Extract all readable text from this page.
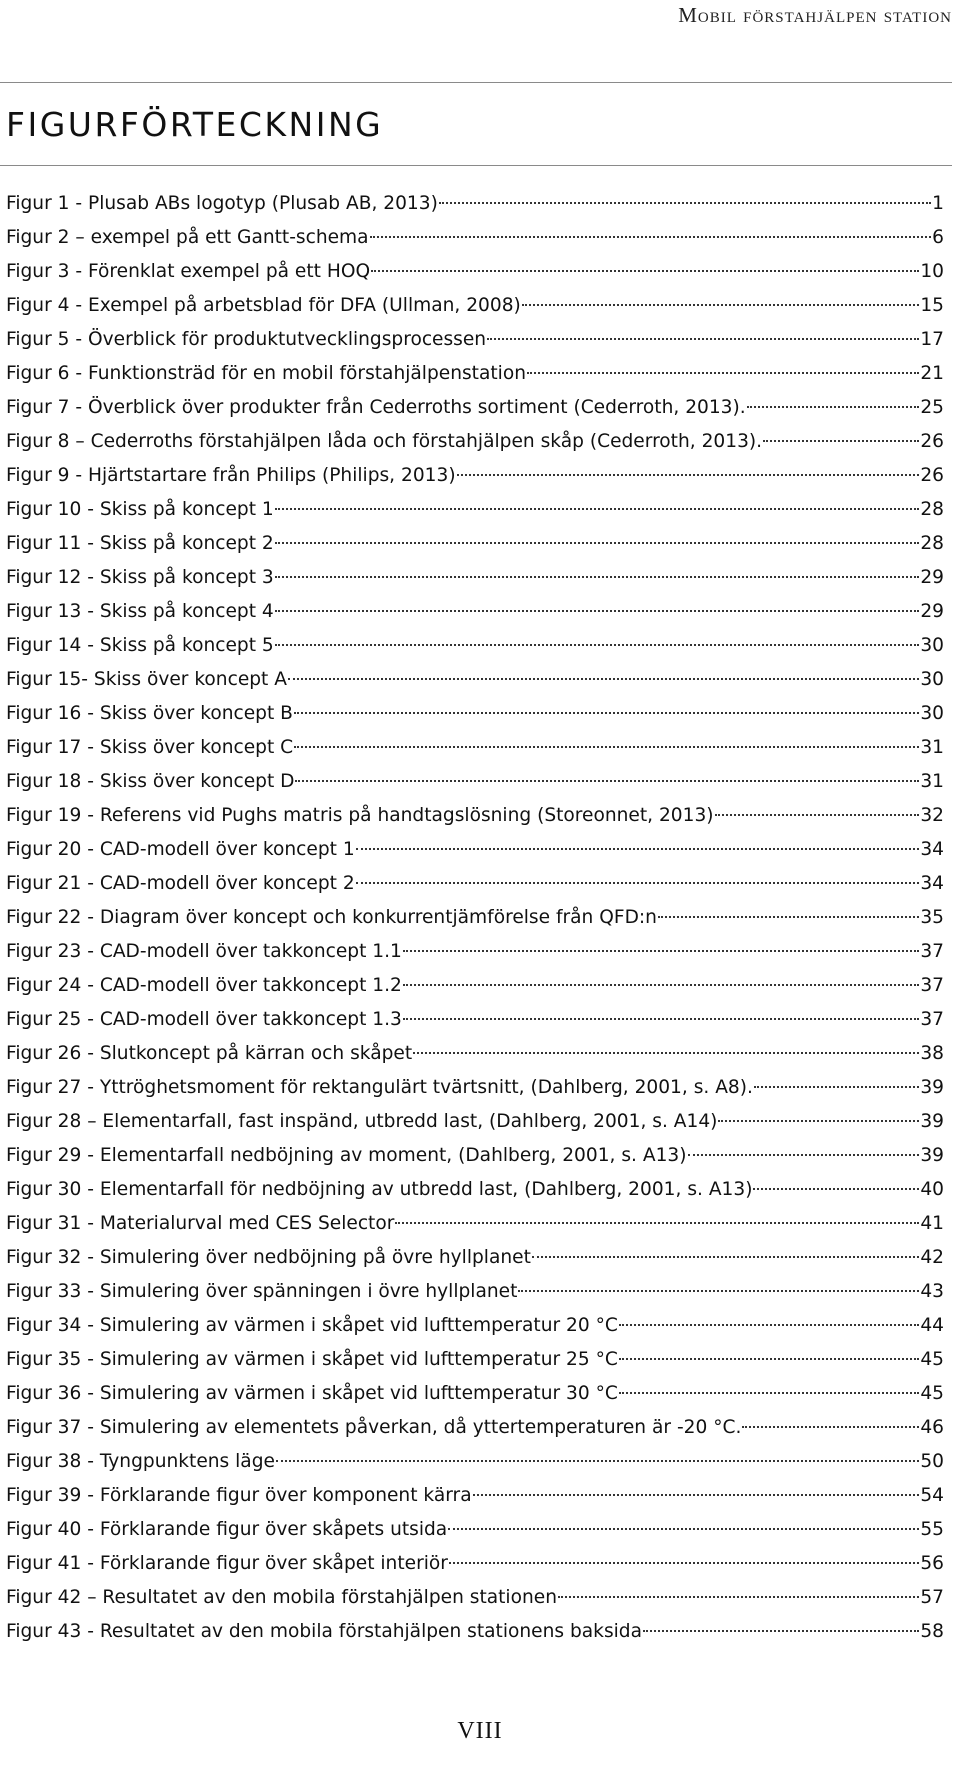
Mobil förstahjälpen station
FIGURFÖRTECKNING
Figur 1 - Plusab ABs logotyp (Plusab AB, 2013)	1
Figur 2 – exempel på ett Gantt-schema	6
Figur 3 - Förenklat exempel på ett HOQ	10
Figur 4 - Exempel på arbetsblad för DFA (Ullman, 2008)	15
Figur 5 - Överblick för produktutvecklingsprocessen	17
Figur 6 - Funktionsträd för en mobil förstahjälpenstation	21
Figur 7 - Överblick över produkter från Cederroths sortiment (Cederroth, 2013).	25
Figur 8 – Cederroths förstahjälpen låda och förstahjälpen skåp (Cederroth, 2013).	26
Figur 9 - Hjärtstartare från Philips (Philips, 2013)	26
Figur 10 - Skiss på koncept 1	28
Figur 11 - Skiss på koncept 2	28
Figur 12 - Skiss på koncept 3	29
Figur 13 - Skiss på koncept 4	29
Figur 14 - Skiss på koncept 5	30
Figur 15- Skiss över koncept A	30
Figur 16 - Skiss över koncept B	30
Figur 17 - Skiss över koncept C	31
Figur 18 - Skiss över koncept D	31
Figur 19 - Referens vid Pughs matris på handtagslösning (Storeonnet, 2013)	32
Figur 20 - CAD-modell över koncept 1	34
Figur 21 - CAD-modell över koncept 2	34
Figur 22 - Diagram över koncept och konkurrentjämförelse från QFD:n	35
Figur 23 - CAD-modell över takkoncept 1.1	37
Figur 24 - CAD-modell över takkoncept 1.2	37
Figur 25 - CAD-modell över takkoncept 1.3	37
Figur 26 - Slutkoncept på kärran och skåpet	38
Figur 27 - Yttröghetsmoment för rektangulärt tvärtsnitt, (Dahlberg, 2001, s. A8).	39
Figur 28 – Elementarfall, fast inspänd, utbredd last, (Dahlberg, 2001, s. A14)	39
Figur 29 - Elementarfall nedböjning av moment, (Dahlberg, 2001, s. A13)	39
Figur 30 - Elementarfall för nedböjning av utbredd last, (Dahlberg, 2001, s. A13)	40
Figur 31 - Materialurval med CES Selector	41
Figur 32 - Simulering över nedböjning på övre hyllplanet	42
Figur 33 - Simulering över spänningen i övre hyllplanet	43
Figur 34 - Simulering av värmen i skåpet vid lufttemperatur 20 °C	44
Figur 35 - Simulering av värmen i skåpet vid lufttemperatur 25 °C	45
Figur 36 - Simulering av värmen i skåpet vid lufttemperatur 30 °C	45
Figur 37 - Simulering av elementets påverkan, då yttertemperaturen är -20 °C.	46
Figur 38 - Tyngpunktens läge	50
Figur 39 - Förklarande figur över komponent kärra	54
Figur 40 - Förklarande figur över skåpets utsida	55
Figur 41 - Förklarande figur över skåpet interiör	56
Figur 42 – Resultatet av den mobila förstahjälpen stationen	57
Figur 43 - Resultatet av den mobila förstahjälpen stationens baksida	58
VIII
